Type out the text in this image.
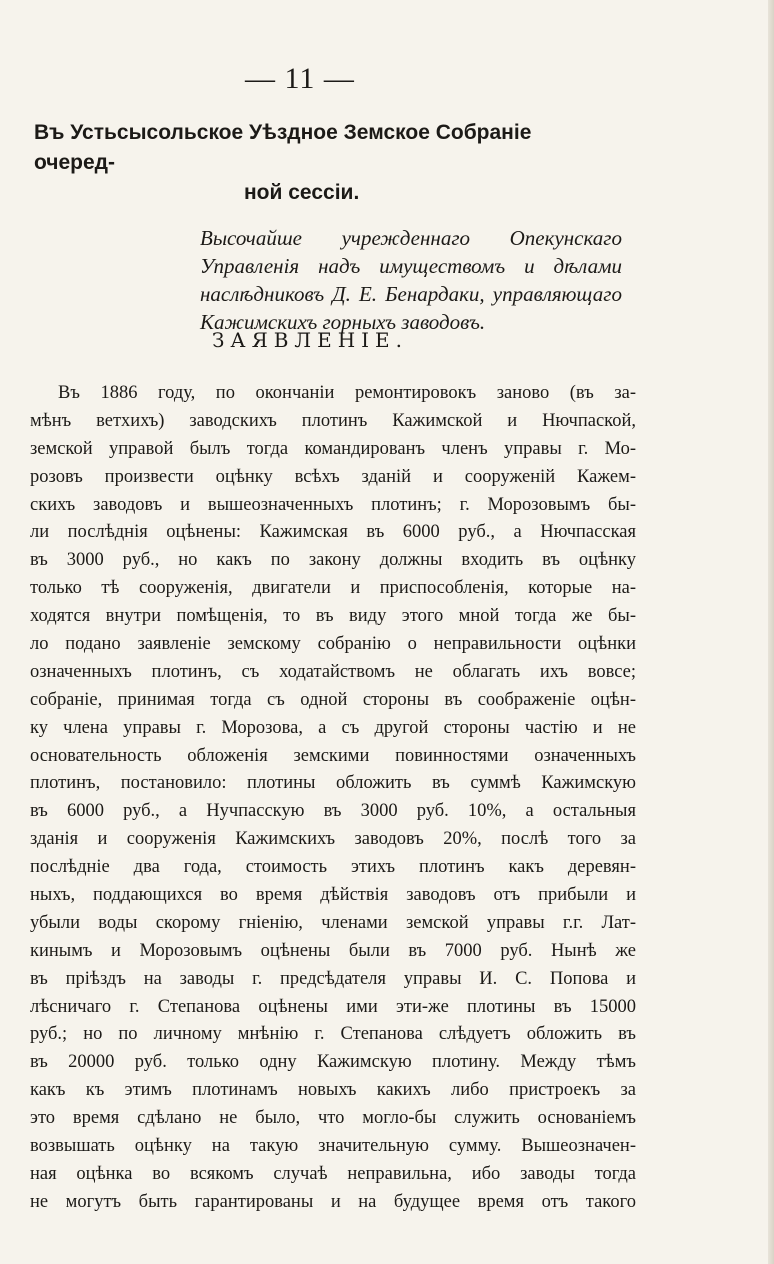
— 11 —
Въ Устьсысольское Уѣздное Земское Собраніе очеред-
ной сессіи.
Высочайше учрежденнаго Опекунскаго Управленія надъ имуществомъ и дѣлами наслѣдниковъ Д. Е. Бенардаки, управляющаго Кажимскихъ горныхъ заводовъ.
ЗАЯВЛЕНІЕ.
Въ 1886 году, по окончаніи ремонтировокъ заново (въ за-
мѣнъ ветхихъ) заводскихъ плотинъ Кажимской и Нючпаской,
земской управой былъ тогда командированъ членъ управы г. Мо-
розовъ произвести оцѣнку всѣхъ зданій и сооруженій Кажем-
скихъ заводовъ и вышеозначенныхъ плотинъ; г. Морозовымъ бы-
ли послѣднія оцѣнены: Кажимская въ 6000 руб., а Нючпасская
въ 3000 руб., но какъ по закону должны входить въ оцѣнку
только тѣ сооруженія, двигатели и приспособленія, которые на-
ходятся внутри помѣщенія, то въ виду этого мной тогда же бы-
ло подано заявленіе земскому собранію о неправильности оцѣнки
означенныхъ плотинъ, съ ходатайствомъ не облагать ихъ вовсе;
собраніе, принимая тогда съ одной стороны въ соображеніе оцѣн-
ку члена управы г. Морозова, а съ другой стороны частію и не
основательность обложенія земскими повинностями означенныхъ
плотинъ, постановило: плотины обложить въ суммѣ Кажимскую
въ 6000 руб., а Нучпасскую въ 3000 руб. 10%, а остальныя
зданія и сооруженія Кажимскихъ заводовъ 20%, послѣ того за
послѣдніе два года, стоимость этихъ плотинъ какъ деревян-
ныхъ, поддающихся во время дѣйствія заводовъ отъ прибыли и
убыли воды скорому гніенію, членами земской управы г.г. Лат-
кинымъ и Морозовымъ оцѣнены были въ 7000 руб. Нынѣ же
въ пріѣздъ на заводы г. предсѣдателя управы И. С. Попова и
лѣсничаго г. Степанова оцѣнены ими эти-же плотины въ 15000
руб.; но по личному мнѣнію г. Степанова слѣдуетъ обложить въ
въ 20000 руб. только одну Кажимскую плотину. Между тѣмъ
какъ къ этимъ плотинамъ новыхъ какихъ либо пристроекъ за
это время сдѣлано не было, что могло-бы служить основаніемъ
возвышать оцѣнку на такую значительную сумму. Вышеозначен-
ная оцѣнка во всякомъ случаѣ неправильна, ибо заводы тогда
не могутъ быть гарантированы и на будущее время отъ такого
